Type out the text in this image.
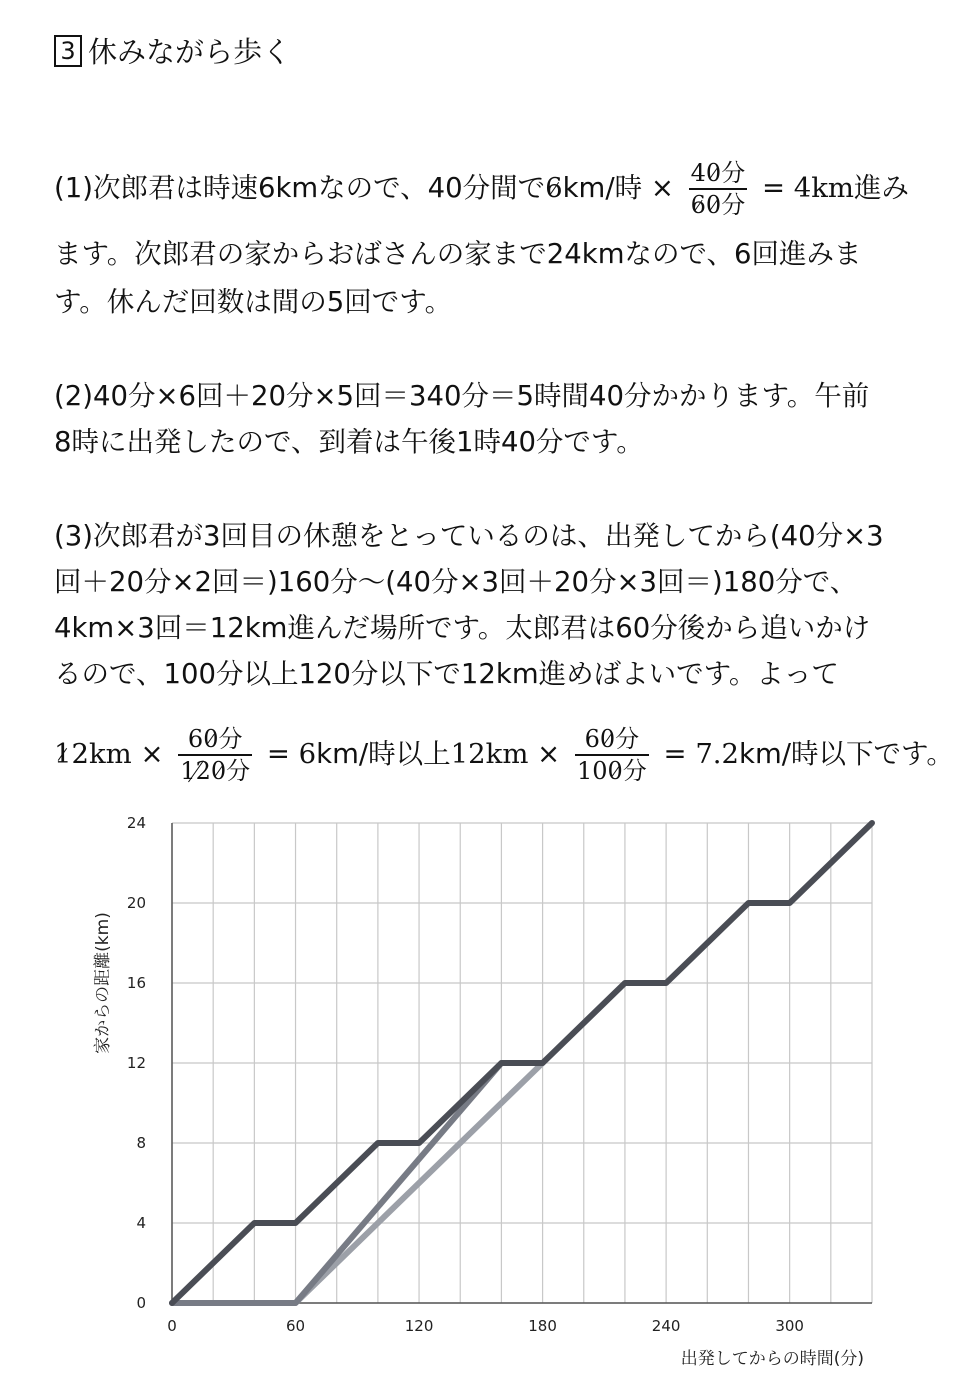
3 休みながら歩く
(1)次郎君は時速6kmなので、40分間で6km/時 × $\frac{\text{40分}}{\text{60分}} = 4km$進み
ます。次郎君の家からおばさんの家まで24kmなので、6回進みま
す。休んだ回数は間の5回です。
(2)40分×6回＋20分×5回＝340分＝5時間40分かかります。午前
8時に出発したので、到着は午後1時40分です。
(3)次郎君が3回目の休憩をとっているのは、出発してから(40分×3
回＋20分×2回＝)160分～(40分×3回＋20分×3回＝)180分で、
4km×3回＝12km進んだ場所です。太郎君は60分後から追いかけ
るので、100分以上120分以下で12km進めばよいです。よって
$12km \times \frac{\text{60分}}{\text{120分}} = 6km/$時以上$12km \times \frac{\text{60分}}{\text{100分}} = 7.2km/$時以下です。
0	60	120	180	240	300
0
4
8
12
16
20
24
出発してからの時間(分)
家からの距離(km)
